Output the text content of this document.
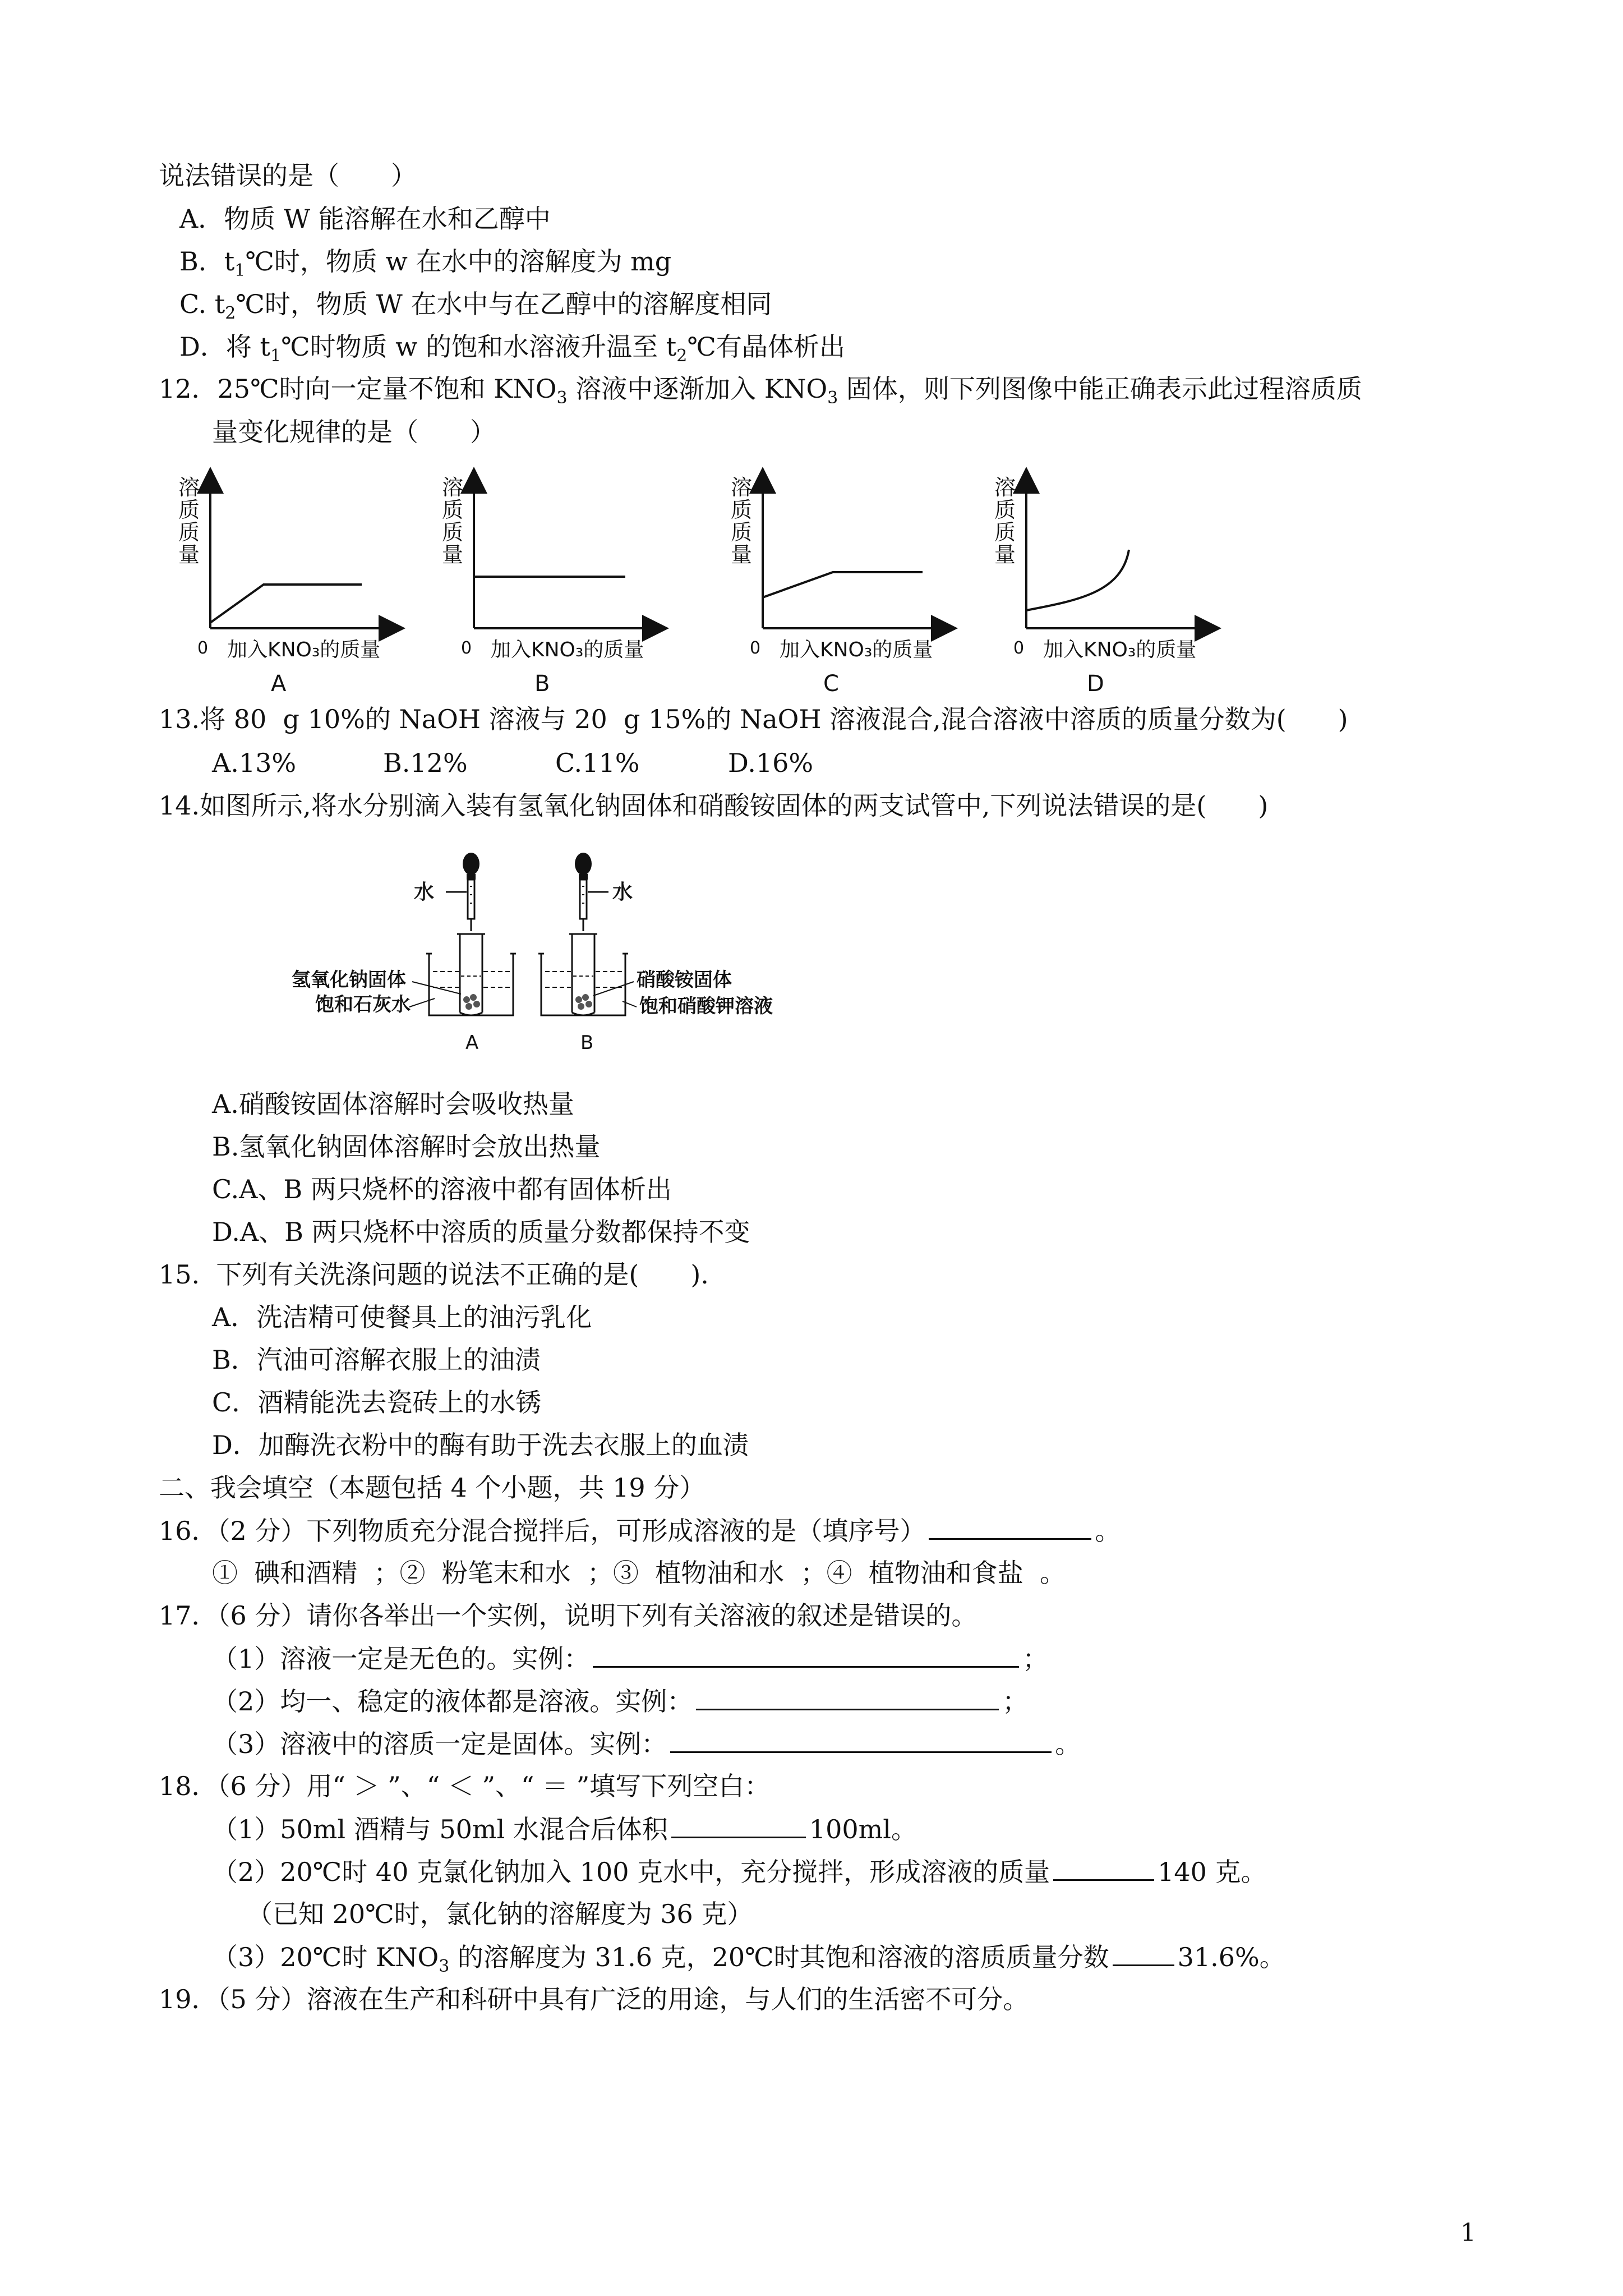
说法错误的是（　　）
A．物质 W 能溶解在水和乙醇中
B．$t_1℃$时，物质 w 在水中的溶解度为 mg
C. $t_2℃$时，物质 W 在水中与在乙醇中的溶解度相同
D．将 $t_1℃$时物质 w 的饱和水溶液升温至 $t_2℃$有晶体析出
12．25℃时向一定量不饱和 $KNO_3$ 溶液中逐渐加入 $KNO_3$ 固体，则下列图像中能正确表示此过程溶质质
量变化规律的是（　　）
溶
质
质
量
0 加入KNO₃的质量
A
溶
质
质
量
0 加入KNO₃的质量
B
溶
质
质
量
0 加入KNO₃的质量
C
溶
质
质
量
0 加入KNO₃的质量
D
13.将 80  g 10%的 NaOH 溶液与 20  g 15%的 NaOH 溶液混合,混合溶液中溶质的质量分数为(　　)
A.13%	B.12%	C.11%	D.16%
14.如图所示,将水分别滴入装有氢氧化钠固体和硝酸铵固体的两支试管中,下列说法错误的是(　　)
水
氢氧化钠固体
饱和石灰水
A
水
硝酸铵固体
饱和硝酸钾溶液
B
A.硝酸铵固体溶解时会吸收热量
B.氢氧化钠固体溶解时会放出热量
C.A、B 两只烧杯的溶液中都有固体析出
D.A、B 两只烧杯中溶质的质量分数都保持不变
15.  下列有关洗涤问题的说法不正确的是(　　).
A．洗洁精可使餐具上的油污乳化
B．汽油可溶解衣服上的油渍
C．酒精能洗去瓷砖上的水锈
D．加酶洗衣粉中的酶有助于洗去衣服上的血渍
二、我会填空（本题包括 4 个小题，共 19 分）
16．（2 分）下列物质充分混合搅拌后，可形成溶液的是（填序号）	。
①  碘和酒精  ；②  粉笔末和水  ；③  植物油和水  ；④  植物油和食盐  。
17．（6 分）请你各举出一个实例，说明下列有关溶液的叙述是错误的。
（1）溶液一定是无色的。实例：	；
（2）均一、稳定的液体都是溶液。实例：	；
（3）溶液中的溶质一定是固体。实例：	。
18．（6 分）用“ ＞ ”、“ ＜ ”、“ ＝ ”填写下列空白：
（1）50ml 酒精与 50ml 水混合后体积	100ml。
（2）20℃时 40 克氯化钠加入 100 克水中，充分搅拌，形成溶液的质量	140 克。
（已知 20℃时，氯化钠的溶解度为 36 克）
（3）20℃时 $KNO_3$ 的溶解度为 31.6 克，20℃时其饱和溶液的溶质质量分数	31.6%。
19．（5 分）溶液在生产和科研中具有广泛的用途，与人们的生活密不可分。
1
